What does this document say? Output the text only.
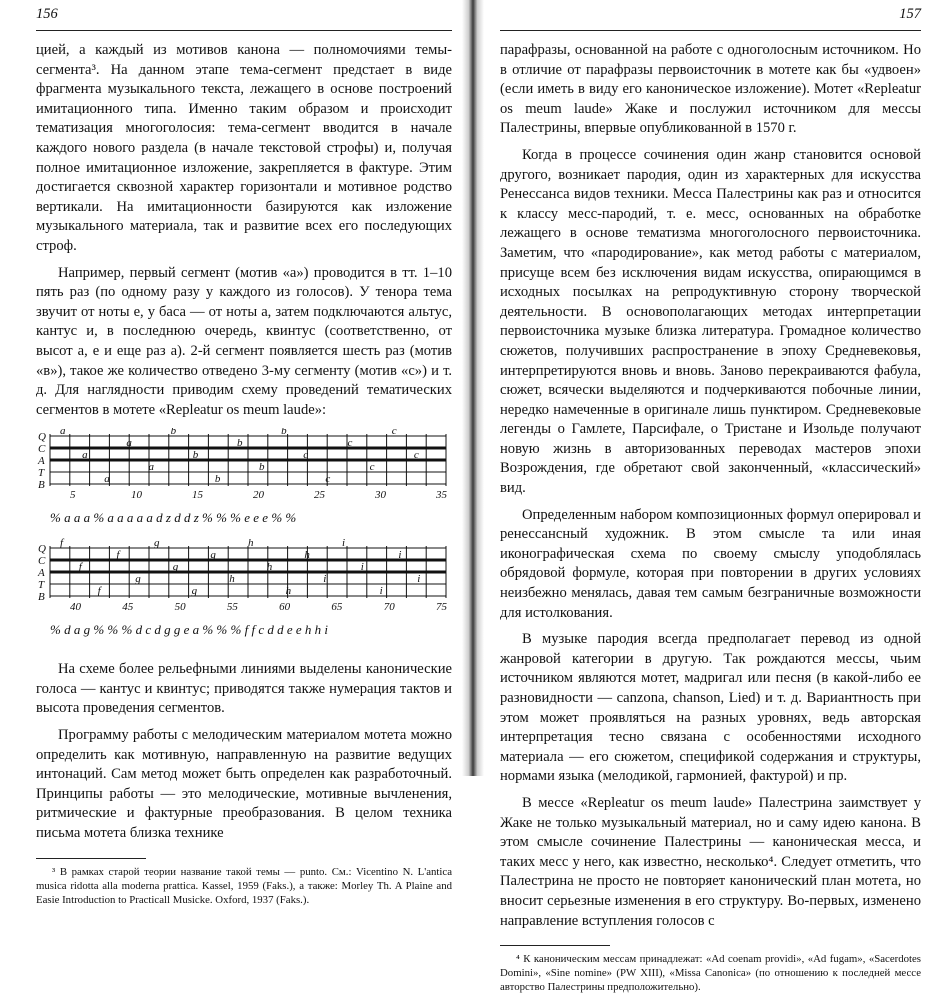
156

цией, а каждый из мотивов канона — полномочиями темы-сегмента³. На данном этапе тема-сегмент предстает в виде фрагмента музыкального текста, лежащего в основе построений имитационного типа. Именно таким образом и происходит тематизация многоголосия: тема-сегмент вводится в начале каждого нового раздела (в начале текстовой строфы) и, получая полное имитационное изложение, закрепляется в фактуре. Этим достигается сквозной характер горизонтали и мотивное родство вертикали. На имитационности базируются как изложение музыкального материала, так и развитие всех его последующих строф.

Например, первый сегмент (мотив «а») проводится в тт. 1–10 пять раз (по одному разу у каждого из голосов). У тенора тема звучит от ноты e, у баса — от ноты a, затем подключаются альтус, кантус и, в последнюю очередь, квинтус (соответственно, от высот a, e и еще раз a). 2-й сегмент появляется шесть раз (мотив «в»), такое же количество отведено 3-му сегменту (мотив «с») и т. д. Для наглядности приводим схему проведений тематических сегментов в мотете «Repleatur os meum laude»:

Q
C
A
T
B
a
a
a
a
a
b
b
b
b
b
b
c
c
c
c
c
c
5	10	15	20	25	30	35
% a a a % a a a a a d z d d z % % % e e e % %
Q
C
A
T
B
f
f
f
f
g
g
g
g
g
h
h
h
h
h
i
i
i
i
i
i
40	45	50	55	60	65	70	75
% d a g % % % d c d g g e a % % % f f c d d e e h h i

На схеме более рельефными линиями выделены канонические голоса — кантус и квинтус; приводятся также нумерация тактов и высота проведения сегментов.

Программу работы с мелодическим материалом мотета можно определить как мотивную, направленную на развитие ведущих интонаций. Сам метод может быть определен как разработочный. Принципы работы — это мелодические, мотивные вычленения, ритмические и фактурные преобразования. В целом техника письма мотета близка технике

³ В рамках старой теории название такой темы — punto. См.: Vicentino N. L'antica musica ridotta alla moderna prattica. Kassel, 1959 (Faks.), а также: Morley Th. A Plaine and Easie Introduction to Practicall Musicke. Oxford, 1937 (Faks.).
157

парафразы, основанной на работе с одноголосным источником. Но в отличие от парафразы первоисточник в мотете как бы «удвоен» (если иметь в виду его каноническое изложение). Мотет «Repleatur os meum laude» Жаке и послужил источником для мессы Палестрины, впервые опубликованной в 1570 г.

Когда в процессе сочинения один жанр становится основой другого, возникает пародия, один из характерных для искусства Ренессанса видов техники. Месса Палестрины как раз и относится к классу месс-пародий, т. е. месс, основанных на обработке лежащего в основе тематизма многоголосного первоисточника. Заметим, что «пародирование», как метод работы с материалом, присуще всем без исключения видам искусства, опирающимся в исходных посылках на репродуктивную сторону творческой деятельности. В основополагающих методах интерпретации первоисточника музыке близка литература. Громадное количество сюжетов, получивших распространение в эпоху Средневековья, интерпретируются вновь и вновь. Заново перекраиваются фабула, сюжет, всячески выделяются и подчеркиваются побочные линии, нередко намеченные в оригинале лишь пунктиром. Средневековые легенды о Гамлете, Парсифале, о Тристане и Изольде получают новую жизнь в автоpизованных переводах мастеров эпохи Возрождения, где обретают свой законченный, «классический» вид.

Определенным набором композиционных формул оперировал и ренессансный художник. В этом смысле та или иная иконографическая схема по своему смыслу уподоблялась обрядовой формуле, которая при повторении в других условиях неизбежно менялась, давая тем самым безграничные возможности для истолкования.

В музыке пародия всегда предполагает перевод из одной жанровой категории в другую. Так рождаются мессы, чьим источником являются мотет, мадригал или песня (в какой-либо ее разновидности — canzona, chanson, Lied) и т. д. Вариантность при этом может проявляться на разных уровнях, ведь авторская интерпретация тесно связана с особенностями исходного материала — его сюжетом, спецификой содержания и структуры, нормами языка (мелодикой, гармонией, фактурой) и пр.

В мессе «Repleatur os meum laude» Палестрина заимствует у Жаке не только музыкальный материал, но и саму идею канона. В этом смысле сочинение Палестрины — каноническая месса, и таких месс у него, как известно, несколько⁴. Следует отметить, что Палестрина не просто не повторяет канонический план мотета, но вносит серьезные изменения в его структуру. Во-первых, изменено направление вступления голосов с

⁴ К каноническим мессам принадлежат: «Ad coenam providi», «Ad fugam», «Sacerdotes Domini», «Sine nomine» (PW XIII), «Missa Canonica» (по отношению к последней мессе авторство Палестрины предположительно).
